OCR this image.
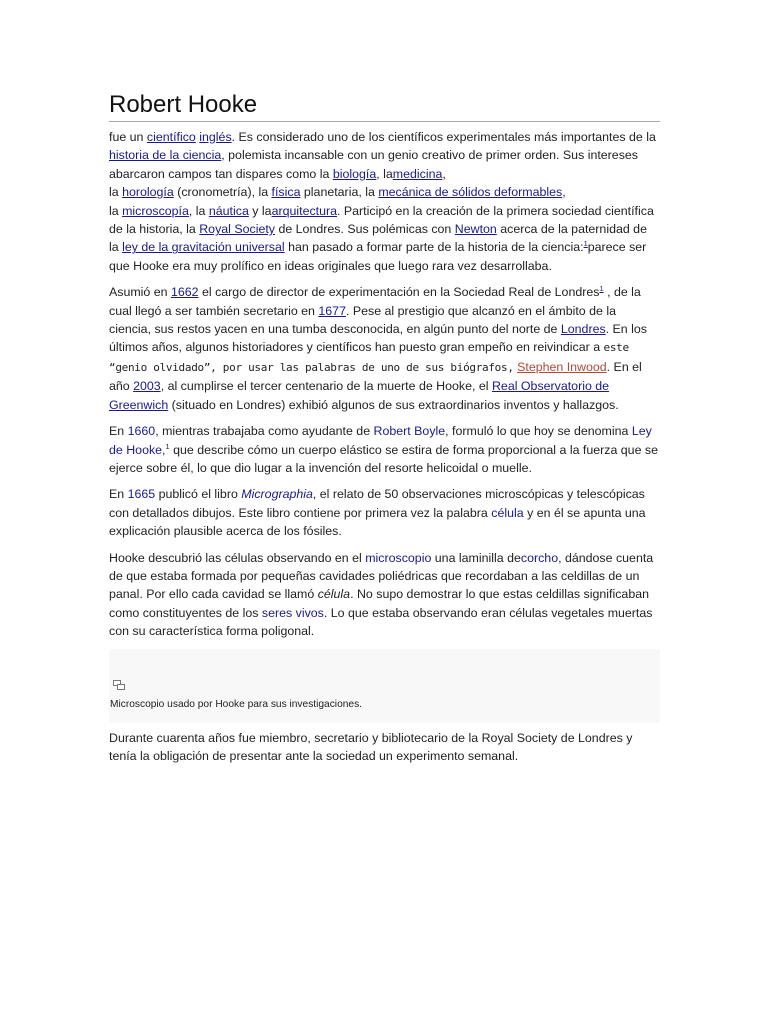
Robert Hooke

fue un científico inglés. Es considerado uno de los científicos experimentales más importantes de la historia de la ciencia, polemista incansable con un genio creativo de primer orden. Sus intereses abarcaron campos tan dispares como la biología, lamedicina,
la horología (cronometría), la física planetaria, la mecánica de sólidos deformables,
la microscopía, la náutica y laarquitectura. Participó en la creación de la primera sociedad científica de la historia, la Royal Society de Londres. Sus polémicas con Newton acerca de la paternidad de la ley de la gravitación universal han pasado a formar parte de la historia de la ciencia:$^1$parece ser que Hooke era muy prolífico en ideas originales que luego rara vez desarrollaba.

Asumió en 1662 el cargo de director de experimentación en la Sociedad Real de Londres$^1$ , de la cual llegó a ser también secretario en 1677. Pese al prestigio que alcanzó en el ámbito de la ciencia, sus restos yacen en una tumba desconocida, en algún punto del norte de Londres. En los últimos años, algunos historiadores y científicos han puesto gran empeño en reivindicar a este “genio olvidado”, por usar las palabras de uno de sus biógrafos, Stephen Inwood. En el año 2003, al cumplirse el tercer centenario de la muerte de Hooke, el Real Observatorio de Greenwich (situado en Londres) exhibió algunos de sus extraordinarios inventos y hallazgos.

En 1660, mientras trabajaba como ayudante de Robert Boyle, formuló lo que hoy se denomina Ley de Hooke,$^1$ que describe cómo un cuerpo elástico se estira de forma proporcional a la fuerza que se ejerce sobre él, lo que dio lugar a la invención del resorte helicoidal o muelle.

En 1665 publicó el libro Micrographia, el relato de 50 observaciones microscópicas y telescópicas con detallados dibujos. Este libro contiene por primera vez la palabra célula y en él se apunta una explicación plausible acerca de los fósiles.

Hooke descubrió las células observando en el microscopio una laminilla decorcho, dándose cuenta de que estaba formada por pequeñas cavidades poliédricas que recordaban a las celdillas de un panal. Por ello cada cavidad se llamó célula. No supo demostrar lo que estas celdillas significaban como constituyentes de los seres vivos. Lo que estaba observando eran células vegetales muertas con su característica forma poligonal.

Microscopio usado por Hooke para sus investigaciones.

Durante cuarenta años fue miembro, secretario y bibliotecario de la Royal Society de Londres y tenía la obligación de presentar ante la sociedad un experimento semanal.
